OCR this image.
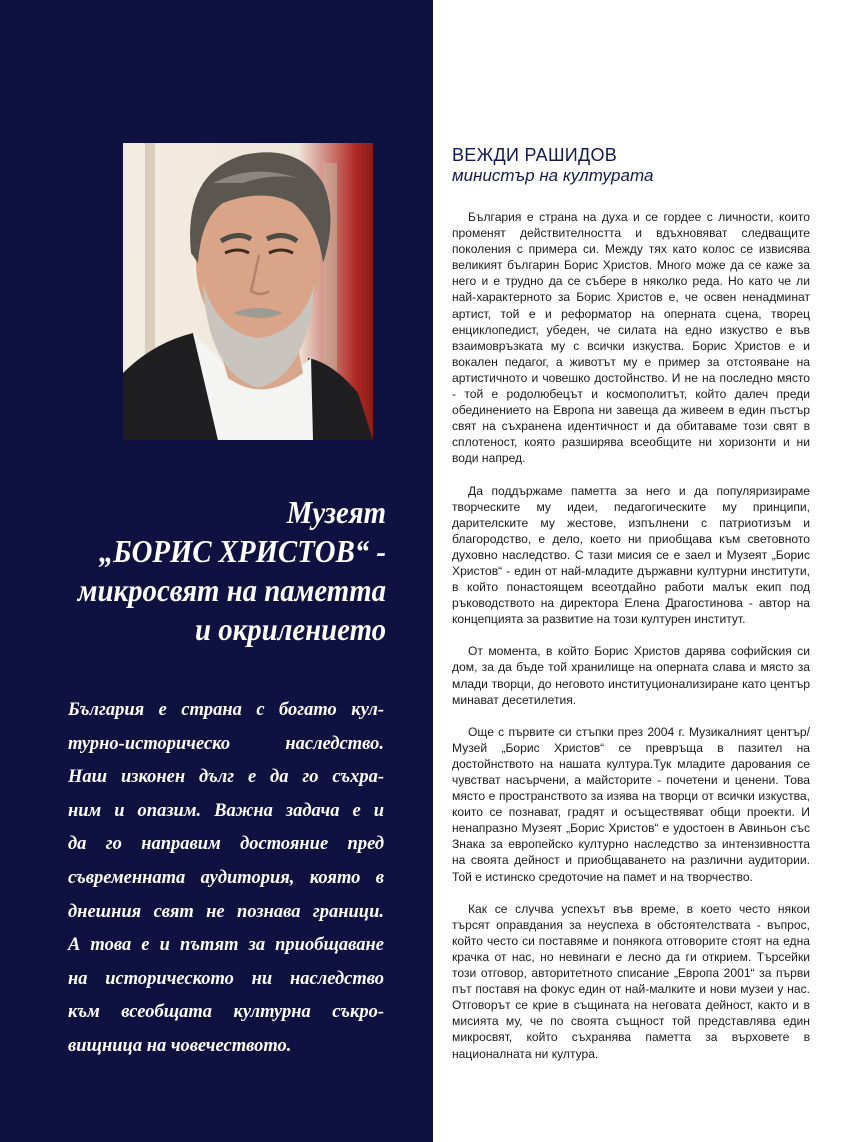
Музеят
„БОРИС ХРИСТОВ“ -
микросвят на паметта
и окрилението
България е страна с богато кул-
турно-историческо наследство.
Наш изконен дълг е да го съхра-
ним и опазим. Важна задача е и
да го направим достояние пред
съвременната аудитория, която в
днешния свят не познава граници.
А това е и пътят за приобщаване
на историческото ни наследство
към всеобщата културна съкро-
вищница на човечеството.
ВЕЖДИ РАШИДОВ
министър на културата

България е страна на духа и се гордее с личности, които променят действителността и вдъхновяват следващите поколения с примера си. Между тях като колос се извисява великият българин Борис Христов. Много може да се каже за него и е трудно да се събере в няколко реда. Но като че ли най-характерното за Борис Христов е, че освен ненадминат артист, той е и реформатор на оперната сцена, творец енциклопедист, убеден, че силата на едно изкуство е във взаимовръзката му с всички изкуства. Борис Христов е и вокален педагог, а животът му е пример за отстояване на артистичното и човешко достойнство. И не на последно място - той е родолюбецът и космополитът, който далеч преди обединението на Европа ни завеща да живеем в един пъстър свят на съхранена идентичност и да обитаваме този свят в сплотеност, която разширява всеобщите ни хоризонти и ни води напред.

Да поддържаме паметта за него и да популяризираме творческите му идеи, педагогическите му принципи, дарителските му жестове, изпълнени с патриотизъм и благородство, е дело, което ни приобщава към световното духовно наследство. С тази мисия се е заел и Музеят „Борис Христов“ - един от най-младите държавни културни институти, в който понастоящем всеотдайно работи малък екип под ръководството на директора Елена Драгостинова - автор на концепцията за развитие на този културен институт.

От момента, в който Борис Христов дарява софийския си дом, за да бъде той хранилище на оперната слава и място за млади творци, до неговото институционализиране като център минават десетилетия.

Още с първите си стъпки през 2004 г. Музикалният център/Музей „Борис Христов“ се превръща в пазител на достойнството на нашата култура.Тук младите дарования се чувстват насърчени, а майсторите - почетени и ценени. Това място е пространството за изява на творци от всички изкуства, които се познават, градят и осъществяват общи проекти. И ненапразно Музеят „Борис Христов“ е удостоен в Авиньон със Знака за европейско културно наследство за интензивността на своята дейност и приобщаването на различни аудитории. Той е истинско средоточие на памет и на творчество.

Как се случва успехът във време, в което често някои търсят оправдания за неуспеха в обстоятелствата - въпрос, който често си поставяме и понякога отговорите стоят на една крачка от нас, но невинаги е лесно да ги открием. Търсейки този отговор, авторитетното списание „Европа 2001“ за първи път поставя на фокус един от най-малките и нови музеи у нас. Отговорът се крие в същината на неговата дейност, както и в мисията му, че по своята същност той представлява един микросвят, който съхранява паметта за върховете в националната ни култура.
